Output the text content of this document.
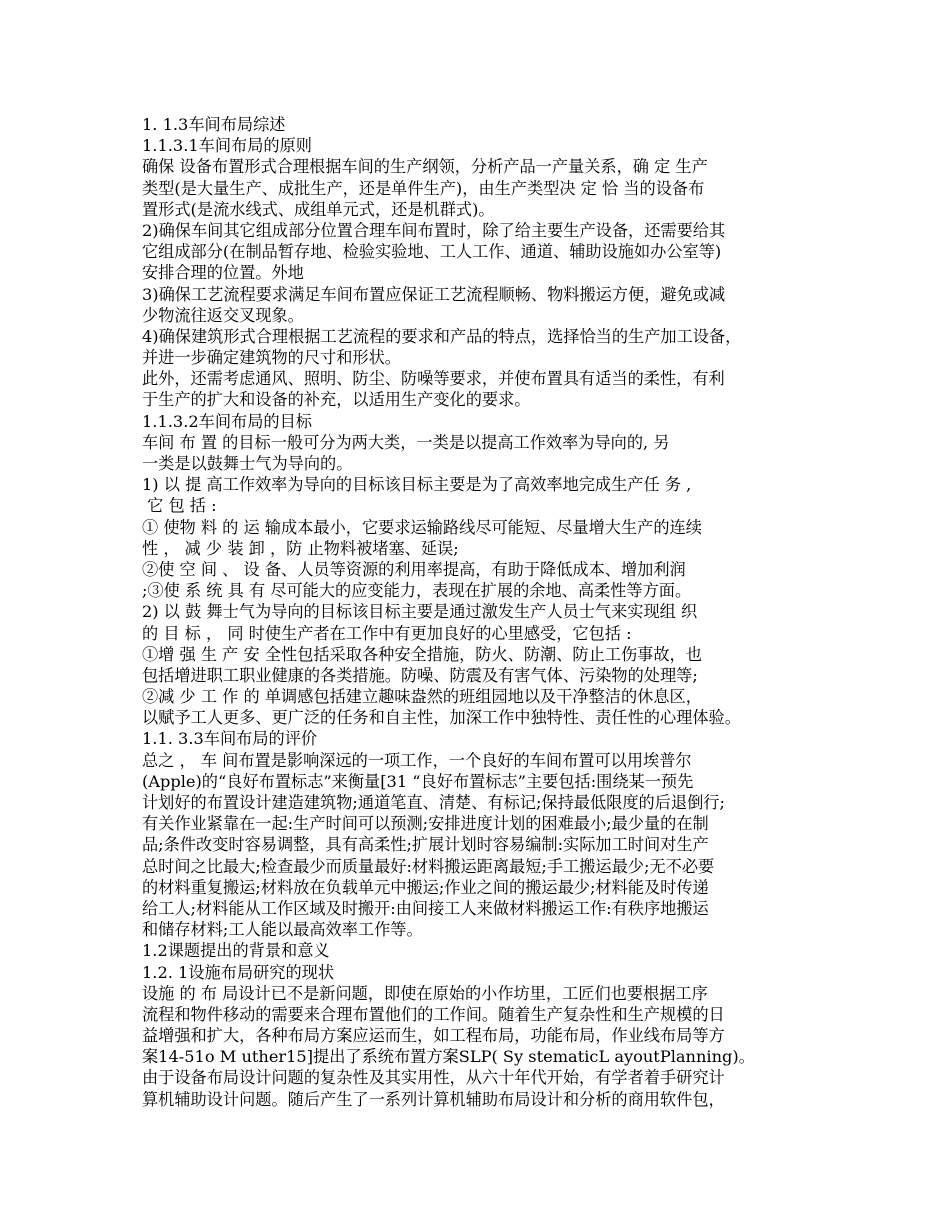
1. 1.3车间布局综述
1.1.3.1车间布局的原则
确保 设备布置形式合理根据车间的生产纲领，分析产品一产量关系，确 定 生产
类型(是大量生产、成批生产，还是单件生产)，由生产类型决 定 恰 当的设备布
置形式(是流水线式、成组单元式，还是机群式)。
2)确保车间其它组成部分位置合理车间布置时，除了给主要生产设备，还需要给其
它组成部分(在制品暂存地、检验实验地、工人工作、通道、辅助设施如办公室等)
安排合理的位置。外地
3)确保工艺流程要求满足车间布置应保证工艺流程顺畅、物料搬运方便，避免或减
少物流往返交叉现象。
4)确保建筑形式合理根据工艺流程的要求和产品的特点，选择恰当的生产加工设备，
并进一步确定建筑物的尺寸和形状。
此外，还需考虑通风、照明、防尘、防噪等要求，并使布置具有适当的柔性，有利
于生产的扩大和设备的补充，以适用生产变化的要求。
1.1.3.2车间布局的目标
车间 布 置 的目标一般可分为两大类，一类是以提高工作效率为导向的, 另
一类是以鼓舞士气为导向的。
1) 以 提 高工作效率为导向的目标该目标主要是为了高效率地完成生产任 务 ,
它 包 括 :
① 使物 料 的 运 输成本最小，它要求运输路线尽可能短、尽量增大生产的连续
性 ， 减 少 装 卸 ，防 止物料被堵塞、延误;
②使 空 间 、 设 备、人员等资源的利用率提高，有助于降低成本、增加利润
;③使 系 统 具 有 尽可能大的应变能力，表现在扩展的余地、高柔性等方面。
2) 以 鼓 舞士气为导向的目标该目标主要是通过激发生产人员士气来实现组 织
的 目 标 ， 同 时使生产者在工作中有更加良好的心里感受，它包括 :
①增 强 生 产 安 全性包括采取各种安全措施，防火、防潮、防止工伤事故，也
包括增进职工职业健康的各类措施。防噪、防震及有害气体、污染物的处理等;
②减 少 工 作 的 单调感包括建立趣味盎然的班组园地以及干净整洁的休息区，
以赋予工人更多、更广泛的任务和自主性，加深工作中独特性、责任性的心理体验。
1.1. 3.3车间布局的评价
总之 ， 车 间布置是影响深远的一项工作，一个良好的车间布置可以用埃普尔
(Apple)的“良好布置标志”来衡量[31 “良好布置标志”主要包括:围绕某一预先
计划好的布置设计建造建筑物;通道笔直、清楚、有标记;保持最低限度的后退倒行;
有关作业紧靠在一起:生产时间可以预测;安排进度计划的困难最小;最少量的在制
品;条件改变时容易调整，具有高柔性;扩展计划时容易编制:实际加工时间对生产
总时间之比最大;检查最少而质量最好:材料搬运距离最短;手工搬运最少;无不必要
的材料重复搬运;材料放在负载单元中搬运;作业之间的搬运最少;材料能及时传递
给工人;材料能从工作区域及时搬开:由间接工人来做材料搬运工作:有秩序地搬运
和储存材料;工人能以最高效率工作等。
1.2课题提出的背景和意义
1.2. 1设施布局研究的现状
设施 的 布 局设计已不是新问题，即使在原始的小作坊里，工匠们也要根据工序
流程和物件移动的需要来合理布置他们的工作间。随着生产复杂性和生产规模的日
益增强和扩大，各种布局方案应运而生，如工程布局，功能布局，作业线布局等方
案14-51o M uther15]提出了系统布置方案SLP( Sy stematicL ayoutPlanning)。
由于设备布局设计问题的复杂性及其实用性，从六十年代开始，有学者着手研究计
算机辅助设计问题。随后产生了一系列计算机辅助布局设计和分析的商用软件包，
